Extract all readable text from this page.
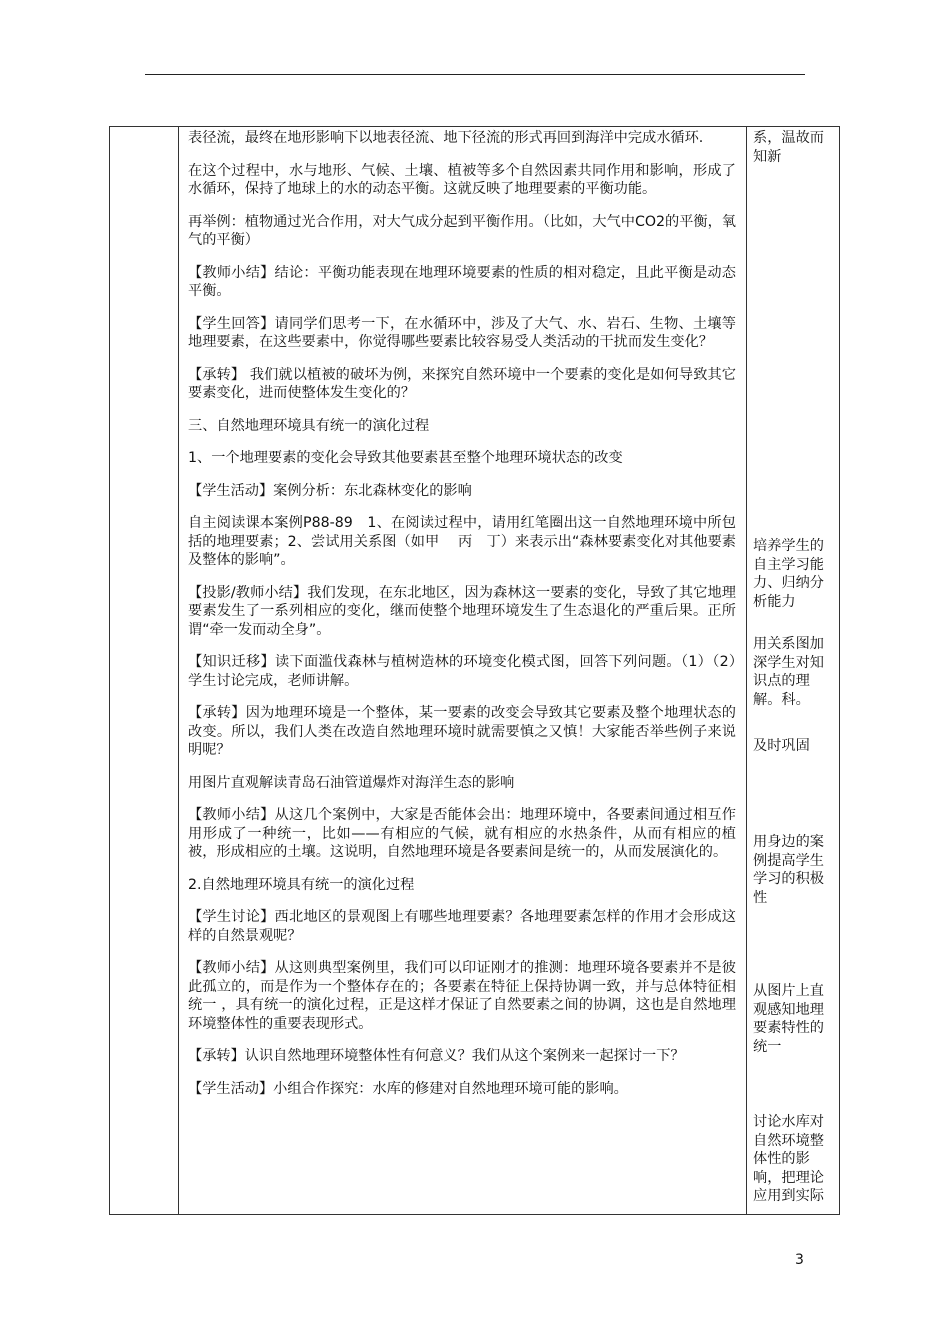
表径流，最终在地形影响下以地表径流、地下径流的形式再回到海洋中完成水循环.

在这个过程中，水与地形、气候、土壤、植被等多个自然因素共同作用和影响，形成了水循环，保持了地球上的水的动态平衡。这就反映了地理要素的平衡功能。

再举例：植物通过光合作用，对大气成分起到平衡作用。（比如，大气中CO2的平衡，氧气的平衡）

【教师小结】结论：平衡功能表现在地理环境要素的性质的相对稳定，且此平衡是动态平衡。

【学生回答】请同学们思考一下，在水循环中，涉及了大气、水、岩石、生物、土壤等地理要素，在这些要素中，你觉得哪些要素比较容易受人类活动的干扰而发生变化？

【承转】 我们就以植被的破坏为例，来探究自然环境中一个要素的变化是如何导致其它要素变化，进而使整体发生变化的？

三、自然地理环境具有统一的演化过程

1、一个地理要素的变化会导致其他要素甚至整个地理环境状态的改变

【学生活动】案例分析：东北森林变化的影响

自主阅读课本案例P88-89　1、在阅读过程中，请用红笔圈出这一自然地理环境中所包括的地理要素；2、尝试用关系图（如甲　 丙　丁）来表示出“森林要素变化对其他要素及整体的影响”。

【投影/教师小结】我们发现，在东北地区，因为森林这一要素的变化，导致了其它地理要素发生了一系列相应的变化，继而使整个地理环境发生了生态退化的严重后果。正所谓“牵一发而动全身”。

【知识迁移】读下面滥伐森林与植树造林的环境变化模式图，回答下列问题。（1）（2）　学生讨论完成，老师讲解。

【承转】因为地理环境是一个整体，某一要素的改变会导致其它要素及整个地理状态的改变。所以，我们人类在改造自然地理环境时就需要慎之又慎！大家能否举些例子来说明呢？

用图片直观解读青岛石油管道爆炸对海洋生态的影响

【教师小结】从这几个案例中，大家是否能体会出：地理环境中，各要素间通过相互作用形成了一种统一，比如——有相应的气候，就有相应的水热条件，从而有相应的植被，形成相应的土壤。这说明，自然地理环境是各要素间是统一的，从而发展演化的。

2.自然地理环境具有统一的演化过程

【学生讨论】西北地区的景观图上有哪些地理要素？各地理要素怎样的作用才会形成这样的自然景观呢？

【教师小结】从这则典型案例里，我们可以印证刚才的推测：地理环境各要素并不是彼此孤立的，而是作为一个整体存在的；各要素在特征上保持协调一致，并与总体特征相统一 ，具有统一的演化过程，正是这样才保证了自然要素之间的协调，这也是自然地理环境整体性的重要表现形式。

【承转】认识自然地理环境整体性有何意义？我们从这个案例来一起探讨一下？

【学生活动】小组合作探究：水库的修建对自然地理环境可能的影响。

系，温故而知新
培养学生的自主学习能力、归纳分析能力
用关系图加深学生对知识点的理解。科。
及时巩固
用身边的案例提高学生学习的积极性
从图片上直观感知地理要素特性的统一
讨论水库对自然环境整体性的影响，把理论应用到实际
3
